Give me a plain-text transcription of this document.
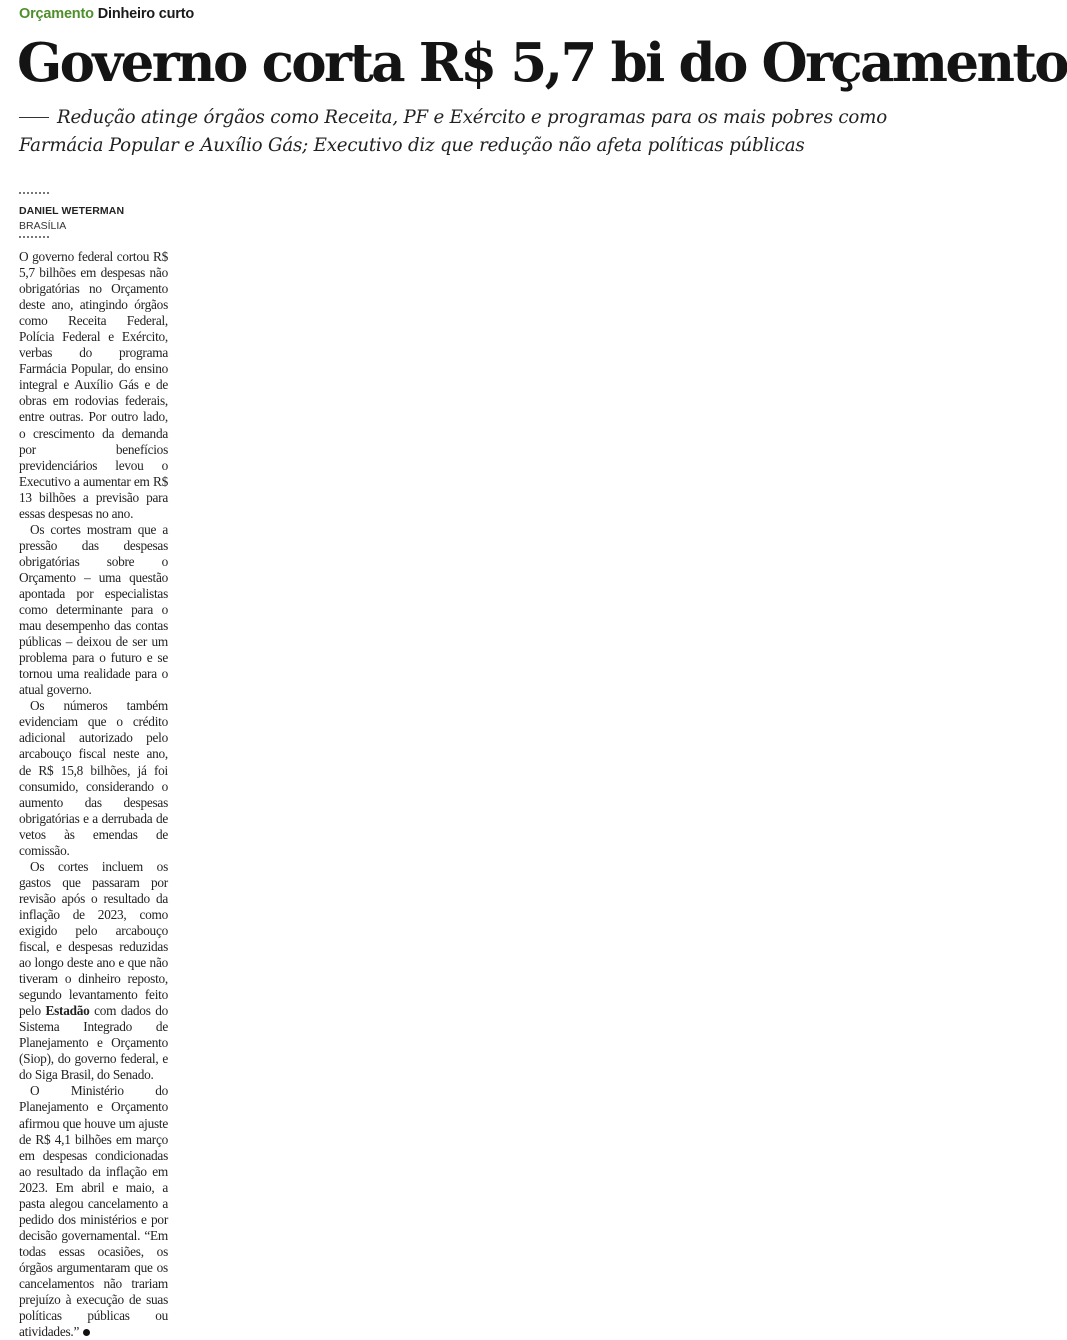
Orçamento Dinheiro curto
Governo corta R$ 5,7 bi do Orçamento

Redução atinge órgãos como Receita, PF e Exército e programas para os mais pobres como Farmácia Popular e Auxílio Gás; Executivo diz que redução não afeta políticas públicas

DANIEL WETERMAN
BRASÍLIA

O governo federal cortou R$ 5,7 bilhões em despesas não obrigatórias no Orçamento deste ano, atingindo órgãos como Receita Federal, Polícia Federal e Exército, verbas do programa Farmácia Popular, do ensino integral e Auxílio Gás e de obras em rodovias federais, entre outras. Por outro lado, o crescimento da demanda por benefícios previdenciários levou o Executivo a aumentar em R$ 13 bilhões a previsão para essas despesas no ano.

Os cortes mostram que a pressão das despesas obrigatórias sobre o Orçamento – uma questão apontada por especialistas como determinante para o mau desempenho das contas públicas – deixou de ser um problema para o futuro e se tornou uma realidade para o atual governo.

Os números também evidenciam que o crédito adicional autorizado pelo arcabouço fiscal neste ano, de R$ 15,8 bilhões, já foi consumido, considerando o aumento das despesas obrigatórias e a derrubada de vetos às emendas de comissão.

Os cortes incluem os gastos que passaram por revisão após o resultado da inflação de 2023, como exigido pelo arcabouço fiscal, e despesas reduzidas ao longo deste ano e que não tiveram o dinheiro reposto, segundo levantamento feito pelo Estadão com dados do Sistema Integrado de Planejamento e Orçamento (Siop), do governo federal, e do Siga Brasil, do Senado.

O Ministério do Planejamento e Orçamento afirmou que houve um ajuste de R$ 4,1 bilhões em março em despesas condicionadas ao resultado da inflação em 2023. Em abril e maio, a pasta alegou cancelamento a pedido dos ministérios e por decisão governamental. “Em todas essas ocasiões, os órgãos argumentaram que os cancelamentos não trariam prejuízo à execução de suas políticas públicas ou atividades.”
